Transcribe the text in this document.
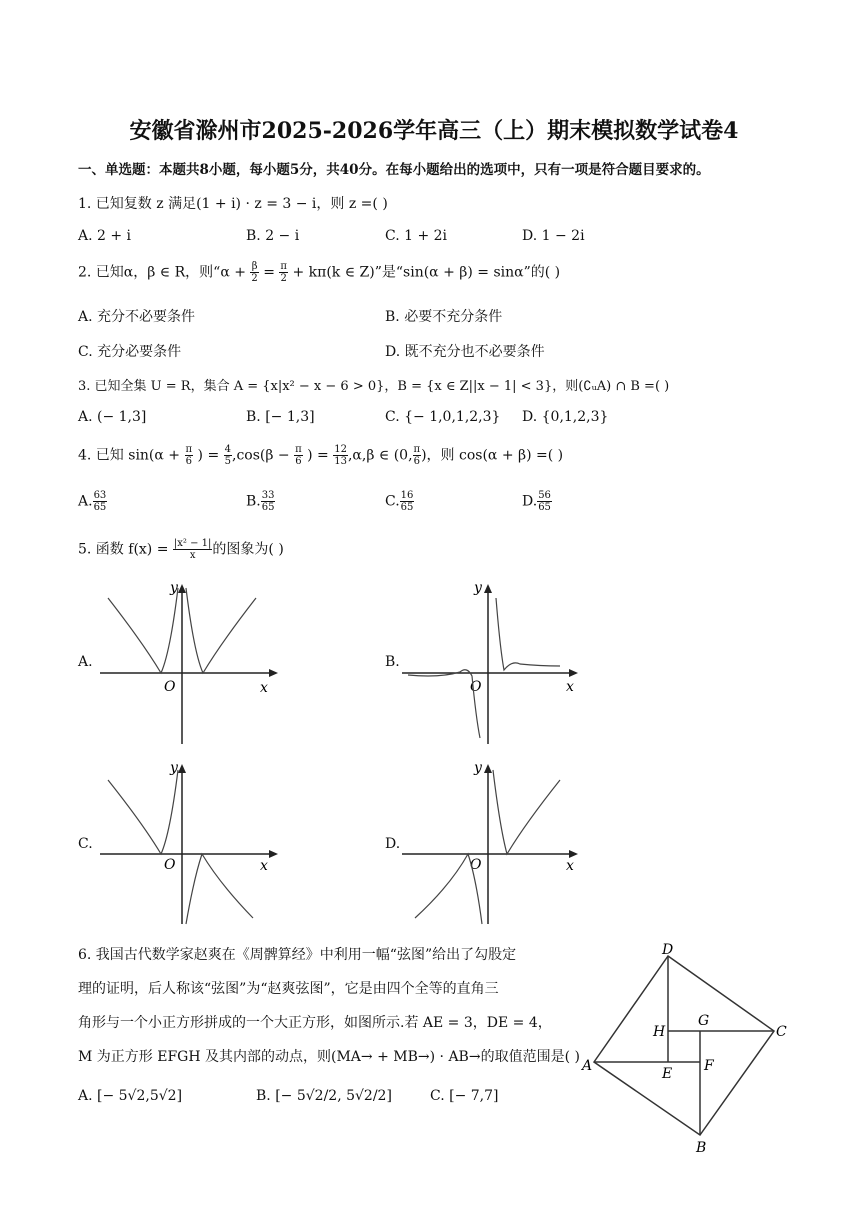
安徽省滁州市2025-2026学年高三（上）期末模拟数学试卷4
一、单选题：本题共8小题，每小题5分，共40分。在每小题给出的选项中，只有一项是符合题目要求的。
1. 已知复数 z 满足(1 + i) · z = 3 − i，则 z =( )
A. 2 + i	B. 2 − i	C. 1 + 2i	D. 1 − 2i
2. 已知α，β ∈ R，则“$\alpha + \frac{\beta}{2} = \frac{\pi}{2} + k\pi(k$ ∈ Z)”是“sin(α + β) = sinα”的( )
A. 充分不必要条件	B. 必要不充分条件
C. 充分必要条件	D. 既不充分也不必要条件
3. 已知全集 U = R，集合 A = {x|x² − x − 6 > 0}，B = {x ∈ Z||x − 1| < 3}，则(∁ᵤA) ∩ B =( )
A. (− 1,3]	B. [− 1,3]	C. {− 1,0,1,2,3} D. {0,1,2,3}
4. 已知 $\sin(\alpha + \frac{\pi}{6}$ ) = $\frac{4}{5} ,\cos(\beta - \frac{\pi}{6}$ ) = $\frac{12}{13} ,\alpha,\beta$ ∈ (0, $\frac{\pi}{6}$ )，则 cos(α + β) =( )
A. $\frac{63}{65}$	B. $\frac{33}{65}$	C. $\frac{16}{65}$	D. $\frac{56}{65}$
5. 函数 $f(x) = \frac{\text{|x² − 1|}}{x}$ 的图象为( )
A.
y
x
O
B.
y
x
O
C.
y
x
O
D.
y
x
O
6. 我国古代数学家赵爽在《周髀算经》中利用一幅“弦图”给出了勾股定
理的证明，后人称该“弦图”为“赵爽弦图”，它是由四个全等的直角三
角形与一个小正方形拼成的一个大正方形，如图所示.若 AE = 3，DE = 4，
M 为正方形 EFGH 及其内部的动点，则(MA→ + MB→) · AB→的取值范围是( )
A. [− 5√2,5√2]	B. [− 5√2/2, 5√2/2]	C. [− 7,7]
D
C
A
B
H
G
E F
